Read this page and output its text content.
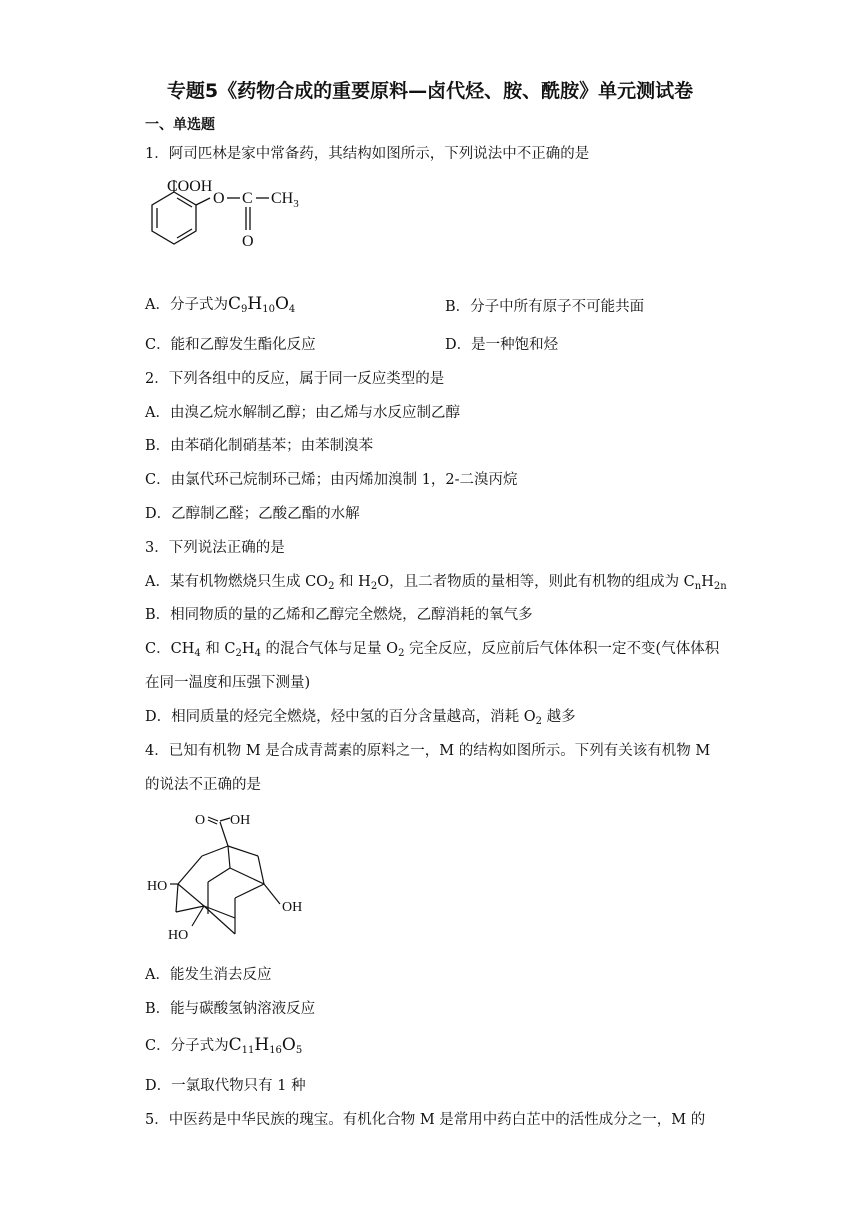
专题5《药物合成的重要原料—卤代烃、胺、酰胺》单元测试卷
一、单选题
1．阿司匹林是家中常备药，其结构如图所示，下列说法中不正确的是
COOH
O C $CH_3$
O
A．分子式为$C_9H_{10}O_4$	B．分子中所有原子不可能共面
C．能和乙醇发生酯化反应	D．是一种饱和烃
2．下列各组中的反应，属于同一反应类型的是
A．由溴乙烷水解制乙醇；由乙烯与水反应制乙醇
B．由苯硝化制硝基苯；由苯制溴苯
C．由氯代环己烷制环己烯；由丙烯加溴制 1，2-二溴丙烷
D．乙醇制乙醛；乙酸乙酯的水解
3．下列说法正确的是
A．某有机物燃烧只生成 $CO_2$ 和 $H_2O$，且二者物质的量相等，则此有机物的组成为 $C_nH_{2n}$
B．相同物质的量的乙烯和乙醇完全燃烧，乙醇消耗的氧气多
C．$CH_4$ 和 $C_2H_4$ 的混合气体与足量 $O_2$ 完全反应，反应前后气体体积一定不变(气体体积
在同一温度和压强下测量)
D．相同质量的烃完全燃烧，烃中氢的百分含量越高，消耗 $O_2$ 越多
4．已知有机物 M 是合成青蒿素的原料之一，M 的结构如图所示。下列有关该有机物 M
的说法不正确的是
O OH
HO
OH
HO
A．能发生消去反应
B．能与碳酸氢钠溶液反应
C．分子式为$C_{11}H_{16}O_5$
D．一氯取代物只有 1 种
5．中医药是中华民族的瑰宝。有机化合物 M 是常用中药白芷中的活性成分之一，M 的
